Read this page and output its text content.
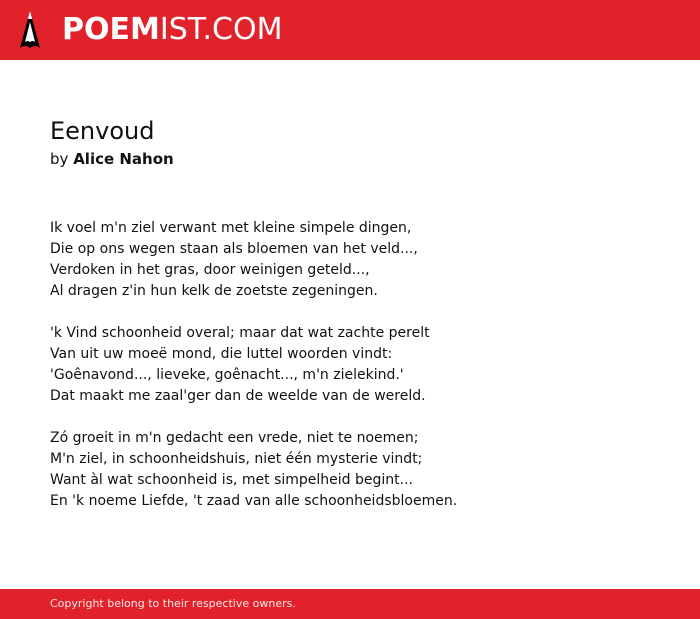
POEMIST.COM
Eenvoud
by Alice Nahon
Ik voel m'n ziel verwant met kleine simpele dingen,
Die op ons wegen staan als bloemen van het veld...,
Verdoken in het gras, door weinigen geteld...,
Al dragen z'in hun kelk de zoetste zegeningen.
'k Vind schoonheid overal; maar dat wat zachte perelt
Van uit uw moeë mond, die luttel woorden vindt:
'Goênavond..., lieveke, goênacht..., m'n zielekind.'
Dat maakt me zaal'ger dan de weelde van de wereld.
Zó groeit in m'n gedacht een vrede, niet te noemen;
M'n ziel, in schoonheidshuis, niet één mysterie vindt;
Want àl wat schoonheid is, met simpelheid begint...
En 'k noeme Liefde, 't zaad van alle schoonheidsbloemen.
Copyright belong to their respective owners.
